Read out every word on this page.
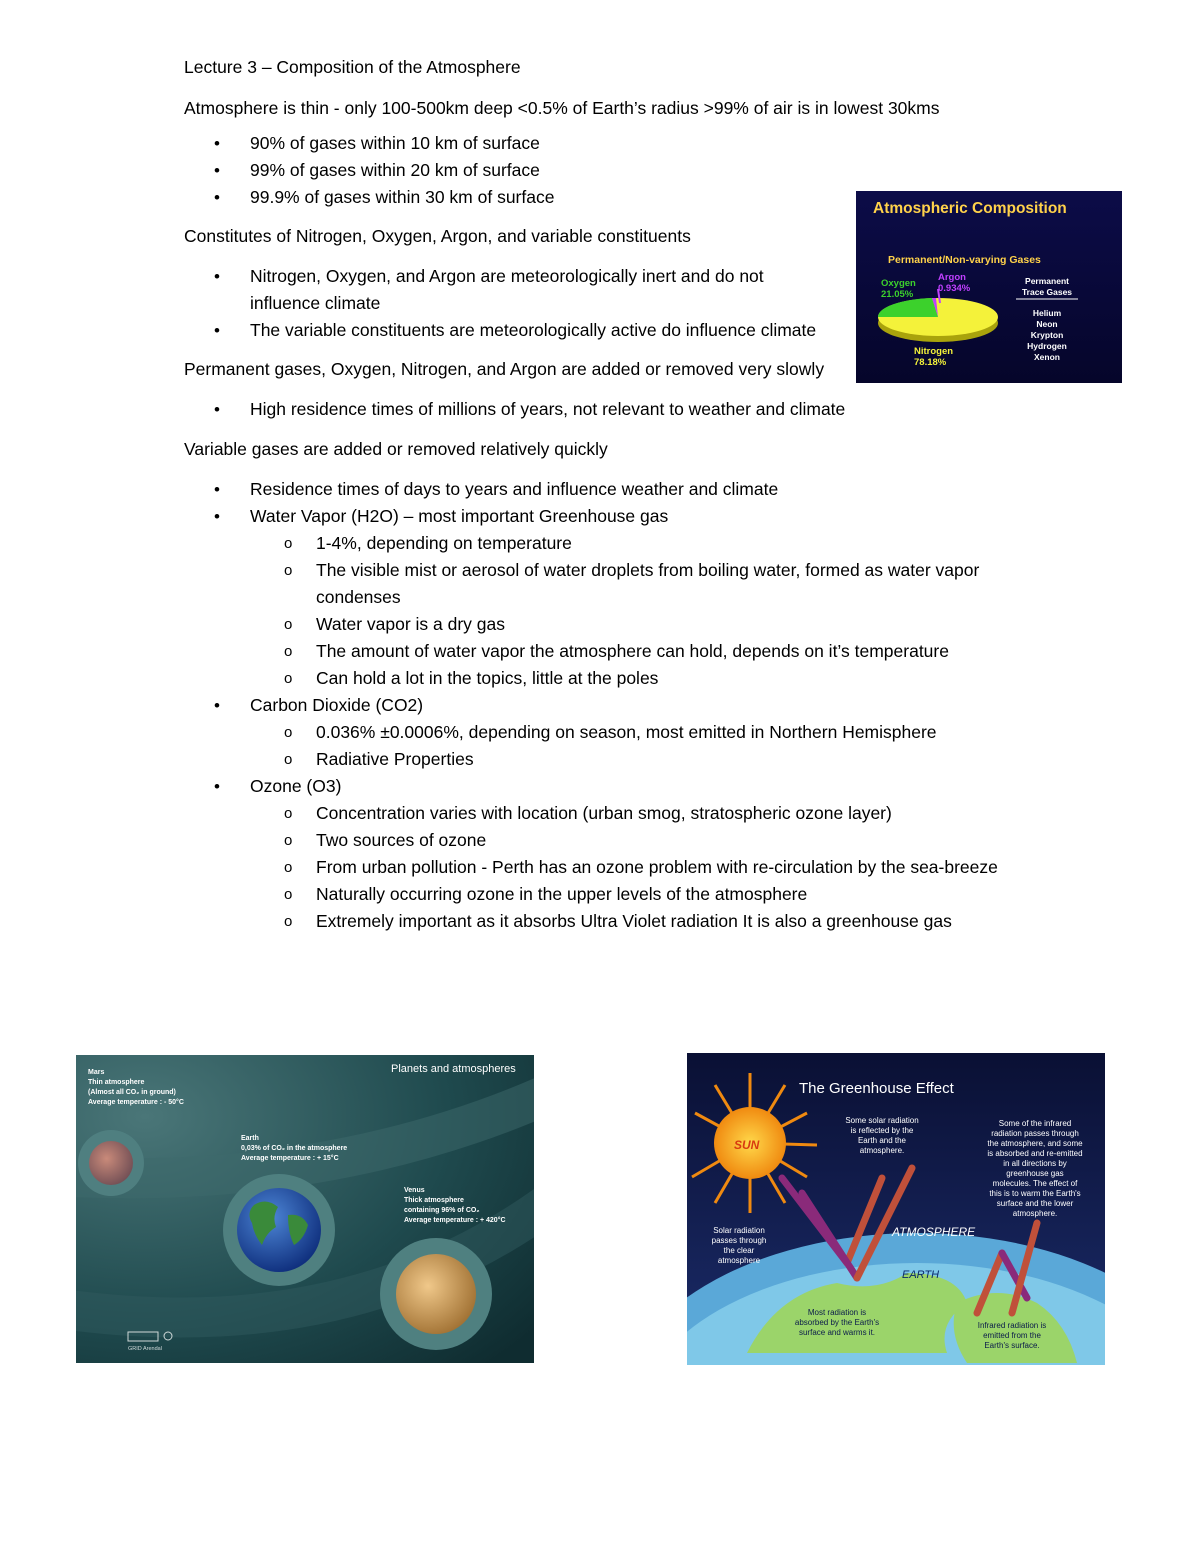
Lecture 3 – Composition of the Atmosphere

Atmosphere is thin - only 100-500km deep <0.5% of Earth’s radius >99% of air is in lowest 30kms

• 90% of gases within 10 km of surface
• 99% of gases within 20 km of surface
• 99.9% of gases within 30 km of surface

Constitutes of Nitrogen, Oxygen, Argon, and variable constituents

• Nitrogen, Oxygen, and Argon are meteorologically inert and do not influence climate
• The variable constituents are meteorologically active do influence climate

Permanent gases, Oxygen, Nitrogen, and Argon are added or removed very slowly

• High residence times of millions of years, not relevant to weather and climate

Variable gases are added or removed relatively quickly

• Residence times of days to years and influence weather and climate
• Water Vapor (H2O) – most important Greenhouse gas
o 1-4%, depending on temperature
o The visible mist or aerosol of water droplets from boiling water, formed as water vapor condenses
o Water vapor is a dry gas
o The amount of water vapor the atmosphere can hold, depends on it’s temperature
o Can hold a lot in the topics, little at the poles
• Carbon Dioxide (CO2)
o 0.036% ±0.0006%, depending on season, most emitted in Northern Hemisphere
o Radiative Properties
• Ozone (O3)
o Concentration varies with location (urban smog, stratospheric ozone layer)
o Two sources of ozone
o From urban pollution - Perth has an ozone problem with re-circulation by the sea-breeze
o Naturally occurring ozone in the upper levels of the atmosphere
o Extremely important as it absorbs Ultra Violet radiation It is also a greenhouse gas
Atmospheric Composition
Permanent/Non-varying Gases
Oxygen
21.05%
Argon
0.934%
Nitrogen
78.18%
Permanent
Trace Gases
Helium
Neon
Krypton
Hydrogen
Xenon
Planets and atmospheres
Mars
Thin atmosphere
(Almost all CO₂ in ground)
Average temperature : - 50°C
Earth
0,03% of CO₂ in the atmosphere
Average temperature : + 15°C
Venus
Thick atmosphere
containing 96% of CO₂
Average temperature : + 420°C
GRID Arendal
SUN
The Greenhouse Effect
ATMOSPHERE
EARTH
Some solar radiation
is reflected by the
Earth and the
atmosphere.
Some of the infrared
radiation passes through
the atmosphere, and some
is absorbed and re-emitted
in all directions by
greenhouse gas
molecules. The effect of
this is to warm the Earth's
surface and the lower
atmosphere.
Solar radiation
passes through
the clear
atmosphere
Most radiation is
absorbed by the Earth's
surface and warms it.
Infrared radiation is
emitted from the
Earth's surface.
